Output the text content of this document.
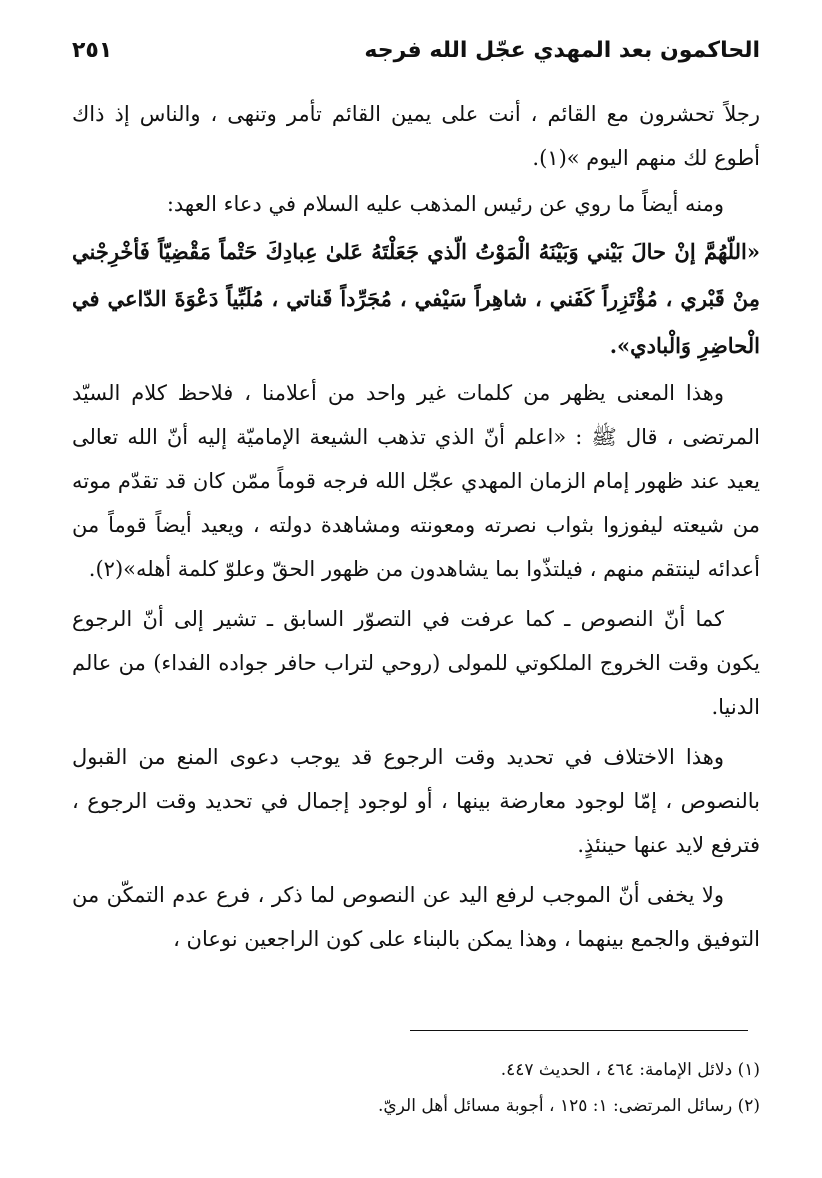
الحاكمون بعد المهدي عجّل الله فرجه
٢٥١

رجلاً تحشرون مع القائم ، أنت على يمين القائم تأمر وتنهى ، والناس إذ ذاك أطوع لك منهم اليوم »(١).

ومنه أيضاً ما روي عن رئيس المذهب عليه السلام في دعاء العهد:

«اللّهُمَّ إنْ حالَ بَيْني وَبَيْنَهُ الْمَوْتُ الّذي جَعَلْتَهُ عَلىٰ عِبادِكَ حَتْماً مَقْضِيّاً فَأخْرِجْني مِنْ قَبْري ، مُؤْتَزِراً كَفَني ، شاهِراً سَيْفي ، مُجَرِّداً قَناتي ، مُلَبِّياً دَعْوَةَ الدّاعي في الْحاضِرِ وَالْبادي».

وهذا المعنى يظهر من كلمات غير واحد من أعلامنا ، فلاحظ كلام السيّد المرتضى ، قال ﷺ : «اعلم أنّ الذي تذهب الشيعة الإماميّة إليه أنّ الله تعالى يعيد عند ظهور إمام الزمان المهدي عجّل الله فرجه قوماً ممّن كان قد تقدّم موته من شيعته ليفوزوا بثواب نصرته ومعونته ومشاهدة دولته ، ويعيد أيضاً قوماً من أعدائه لينتقم منهم ، فيلتذّوا بما يشاهدون من ظهور الحقّ وعلوّ كلمة أهله»(٢).

كما أنّ النصوص ـ كما عرفت في التصوّر السابق ـ تشير إلى أنّ الرجوع يكون وقت الخروج الملكوتي للمولى (روحي لتراب حافر جواده الفداء) من عالم الدنيا.

وهذا الاختلاف في تحديد وقت الرجوع قد يوجب دعوى المنع من القبول بالنصوص ، إمّا لوجود معارضة بينها ، أو لوجود إجمال في تحديد وقت الرجوع ، فترفع لايد عنها حينئذٍ.

ولا يخفى أنّ الموجب لرفع اليد عن النصوص لما ذكر ، فرع عدم التمكّن من التوفيق والجمع بينهما ، وهذا يمكن بالبناء على كون الراجعين نوعان ،

(١) دلائل الإمامة: ٤٦٤ ، الحديث ٤٤٧.

(٢) رسائل المرتضى: ١: ١٢٥ ، أجوبة مسائل أهل الريّ.
